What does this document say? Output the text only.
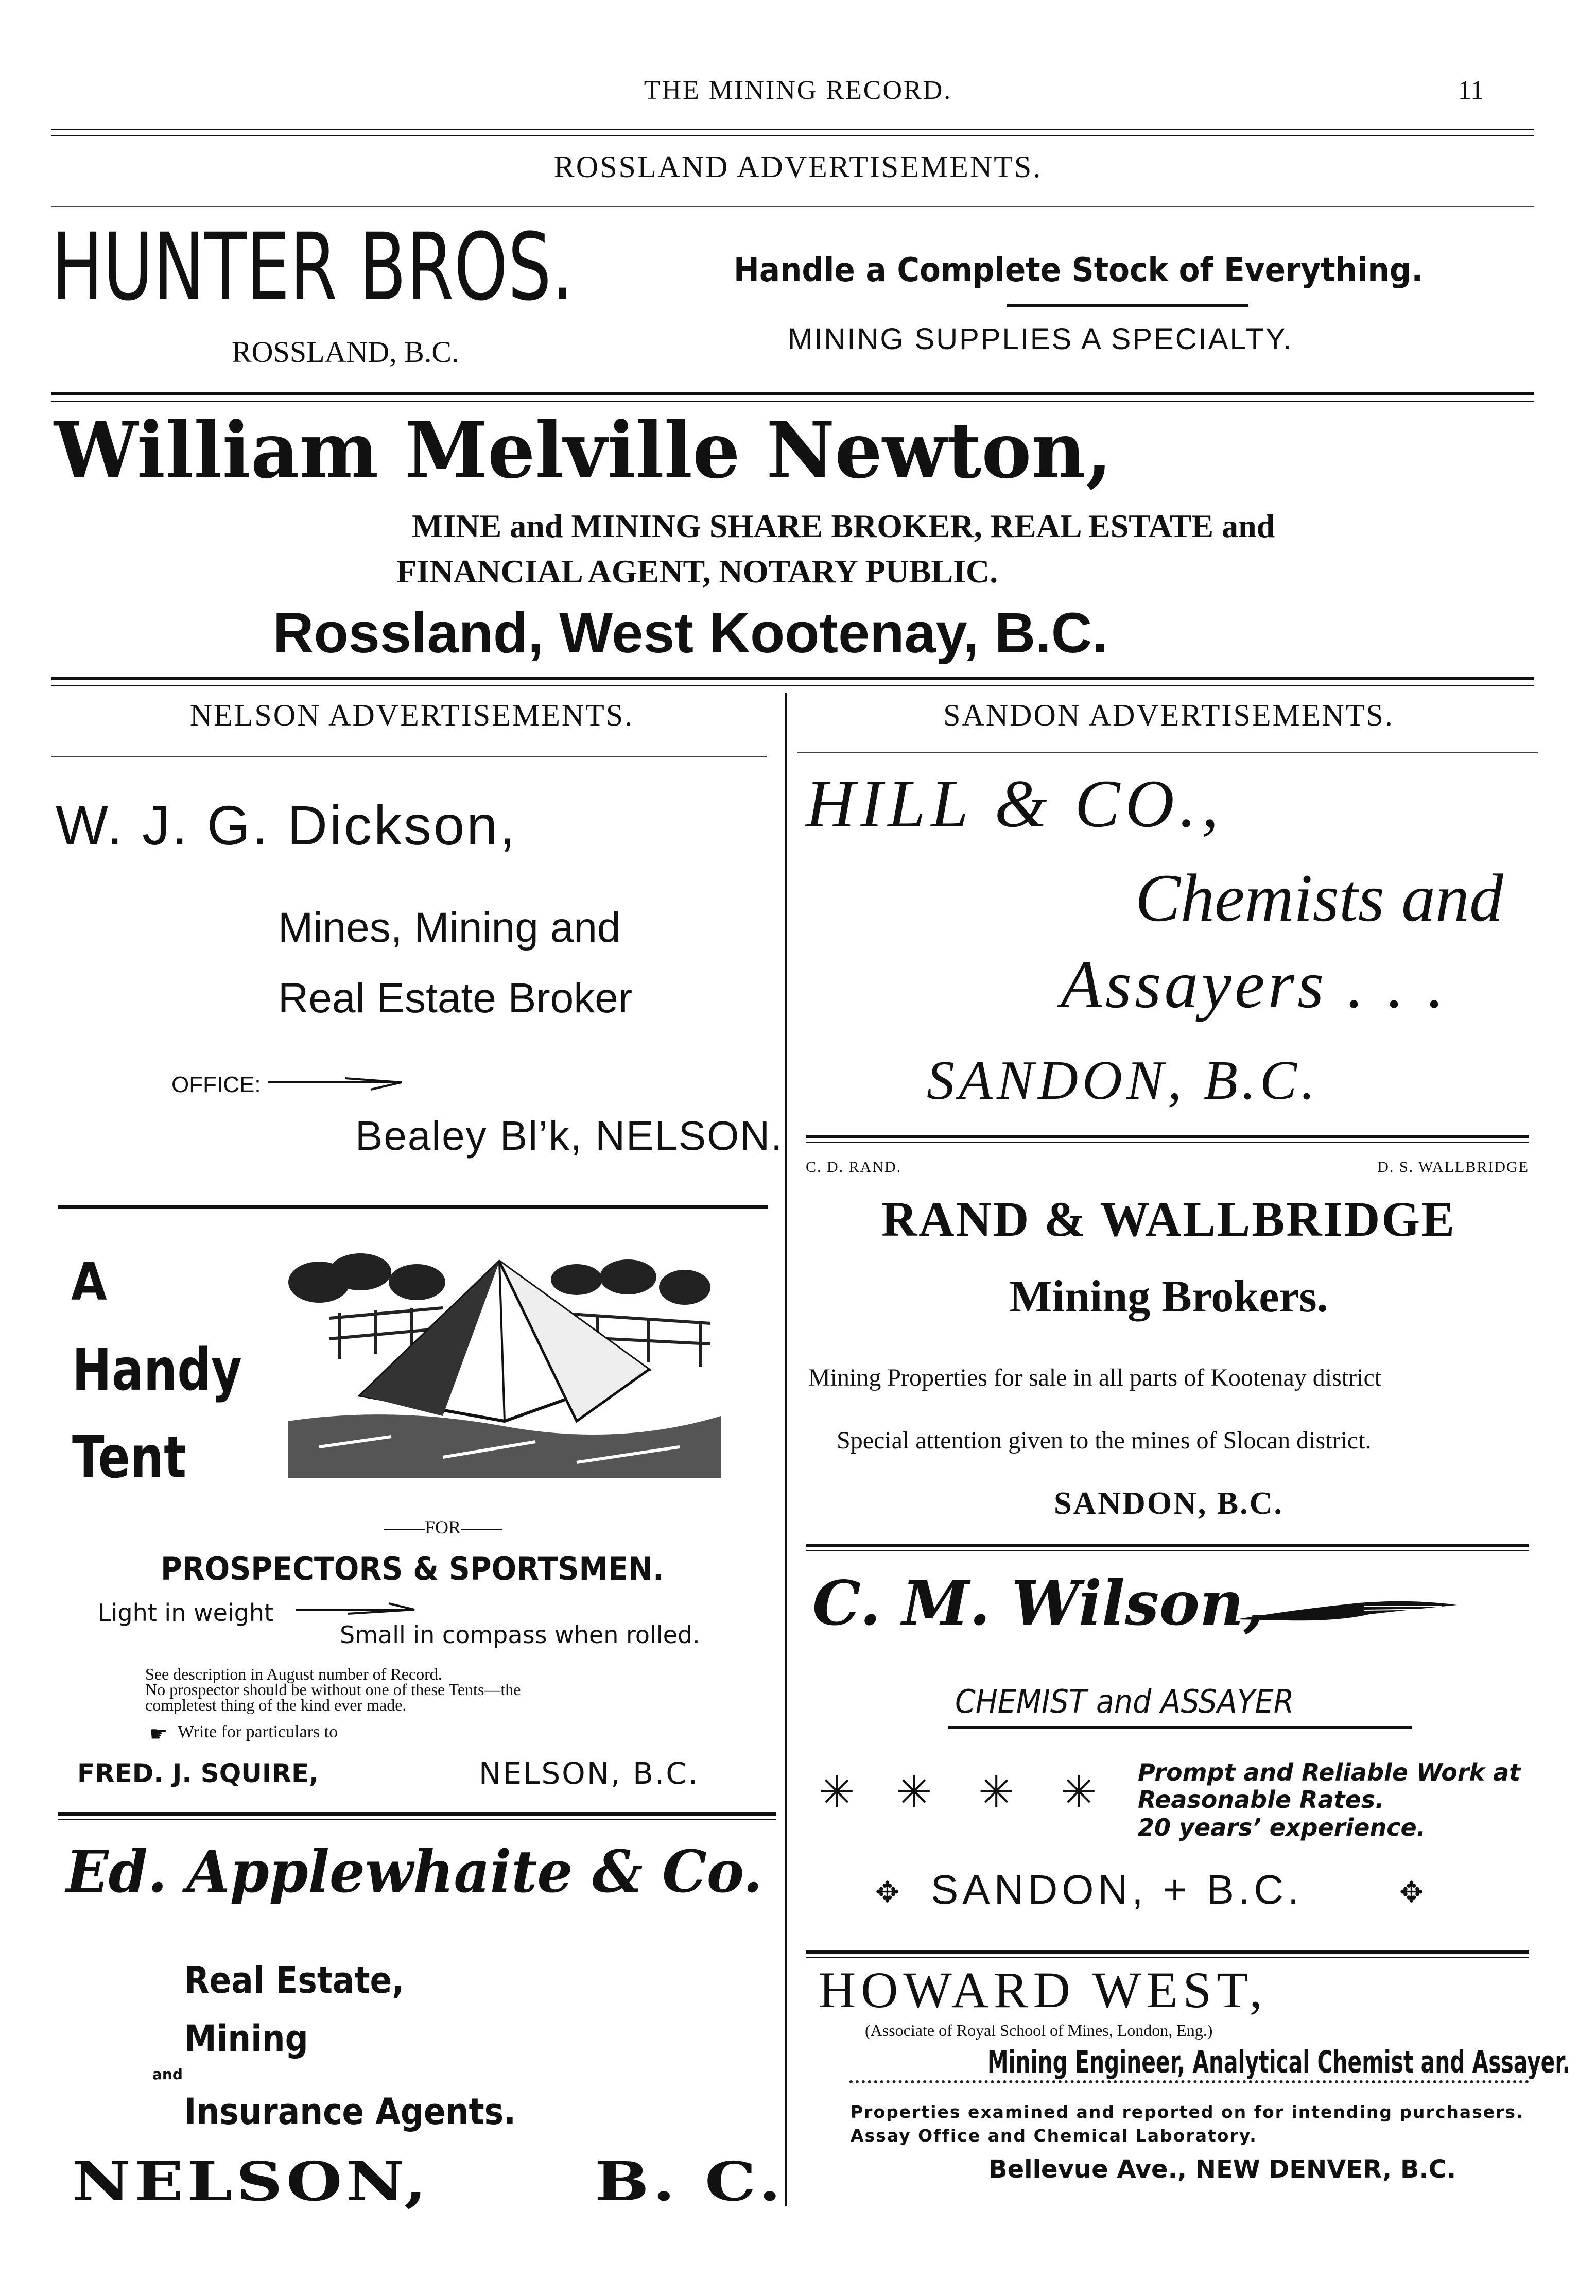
THE MINING RECORD.	11
ROSSLAND ADVERTISEMENTS.
HUNTER BROS.
ROSSLAND, B.C.
Handle a Complete Stock of Everything.
MINING SUPPLIES A SPECIALTY.
William Melville Newton,
MINE and MINING SHARE BROKER, REAL ESTATE and
FINANCIAL AGENT, NOTARY PUBLIC.
Rossland, West Kootenay, B.C.
NELSON ADVERTISEMENTS.
W. J. G. Dickson,
Mines, Mining and
Real Estate Broker
OFFICE:
Bealey Bl’k, NELSON.
A
Handy
Tent
FOR
PROSPECTORS & SPORTSMEN.
Light in weight
Small in compass when rolled.
See description in August number of Record.
No prospector should be without one of these Tents—the
completest thing of the kind ever made.
☛ Write for particulars to
FRED. J. SQUIRE,	NELSON, B.C.
Ed. Applewhaite & Co.
Real Estate,
Mining
and
Insurance Agents.
NELSON,	B. C.
SANDON ADVERTISEMENTS.
HILL & CO.,
Chemists and
Assayers . . .
SANDON, B.C.
C. D. RAND.	D. S. WALLBRIDGE
RAND & WALLBRIDGE
Mining Brokers.
Mining Properties for sale in all parts of Kootenay district
Special attention given to the mines of Slocan district.
SANDON, B.C.
C. M. Wilson,
CHEMIST and ASSAYER
✳ ✳ ✳ ✳ Prompt and Reliable Work at
Reasonable Rates.
20 years’ experience.
✥ SANDON, + B.C.	✥
HOWARD WEST,
(Associate of Royal School of Mines, London, Eng.)
Mining Engineer, Analytical Chemist and Assayer.
Properties examined and reported on for intending purchasers.
Assay Office and Chemical Laboratory.
Bellevue Ave., NEW DENVER, B.C.
